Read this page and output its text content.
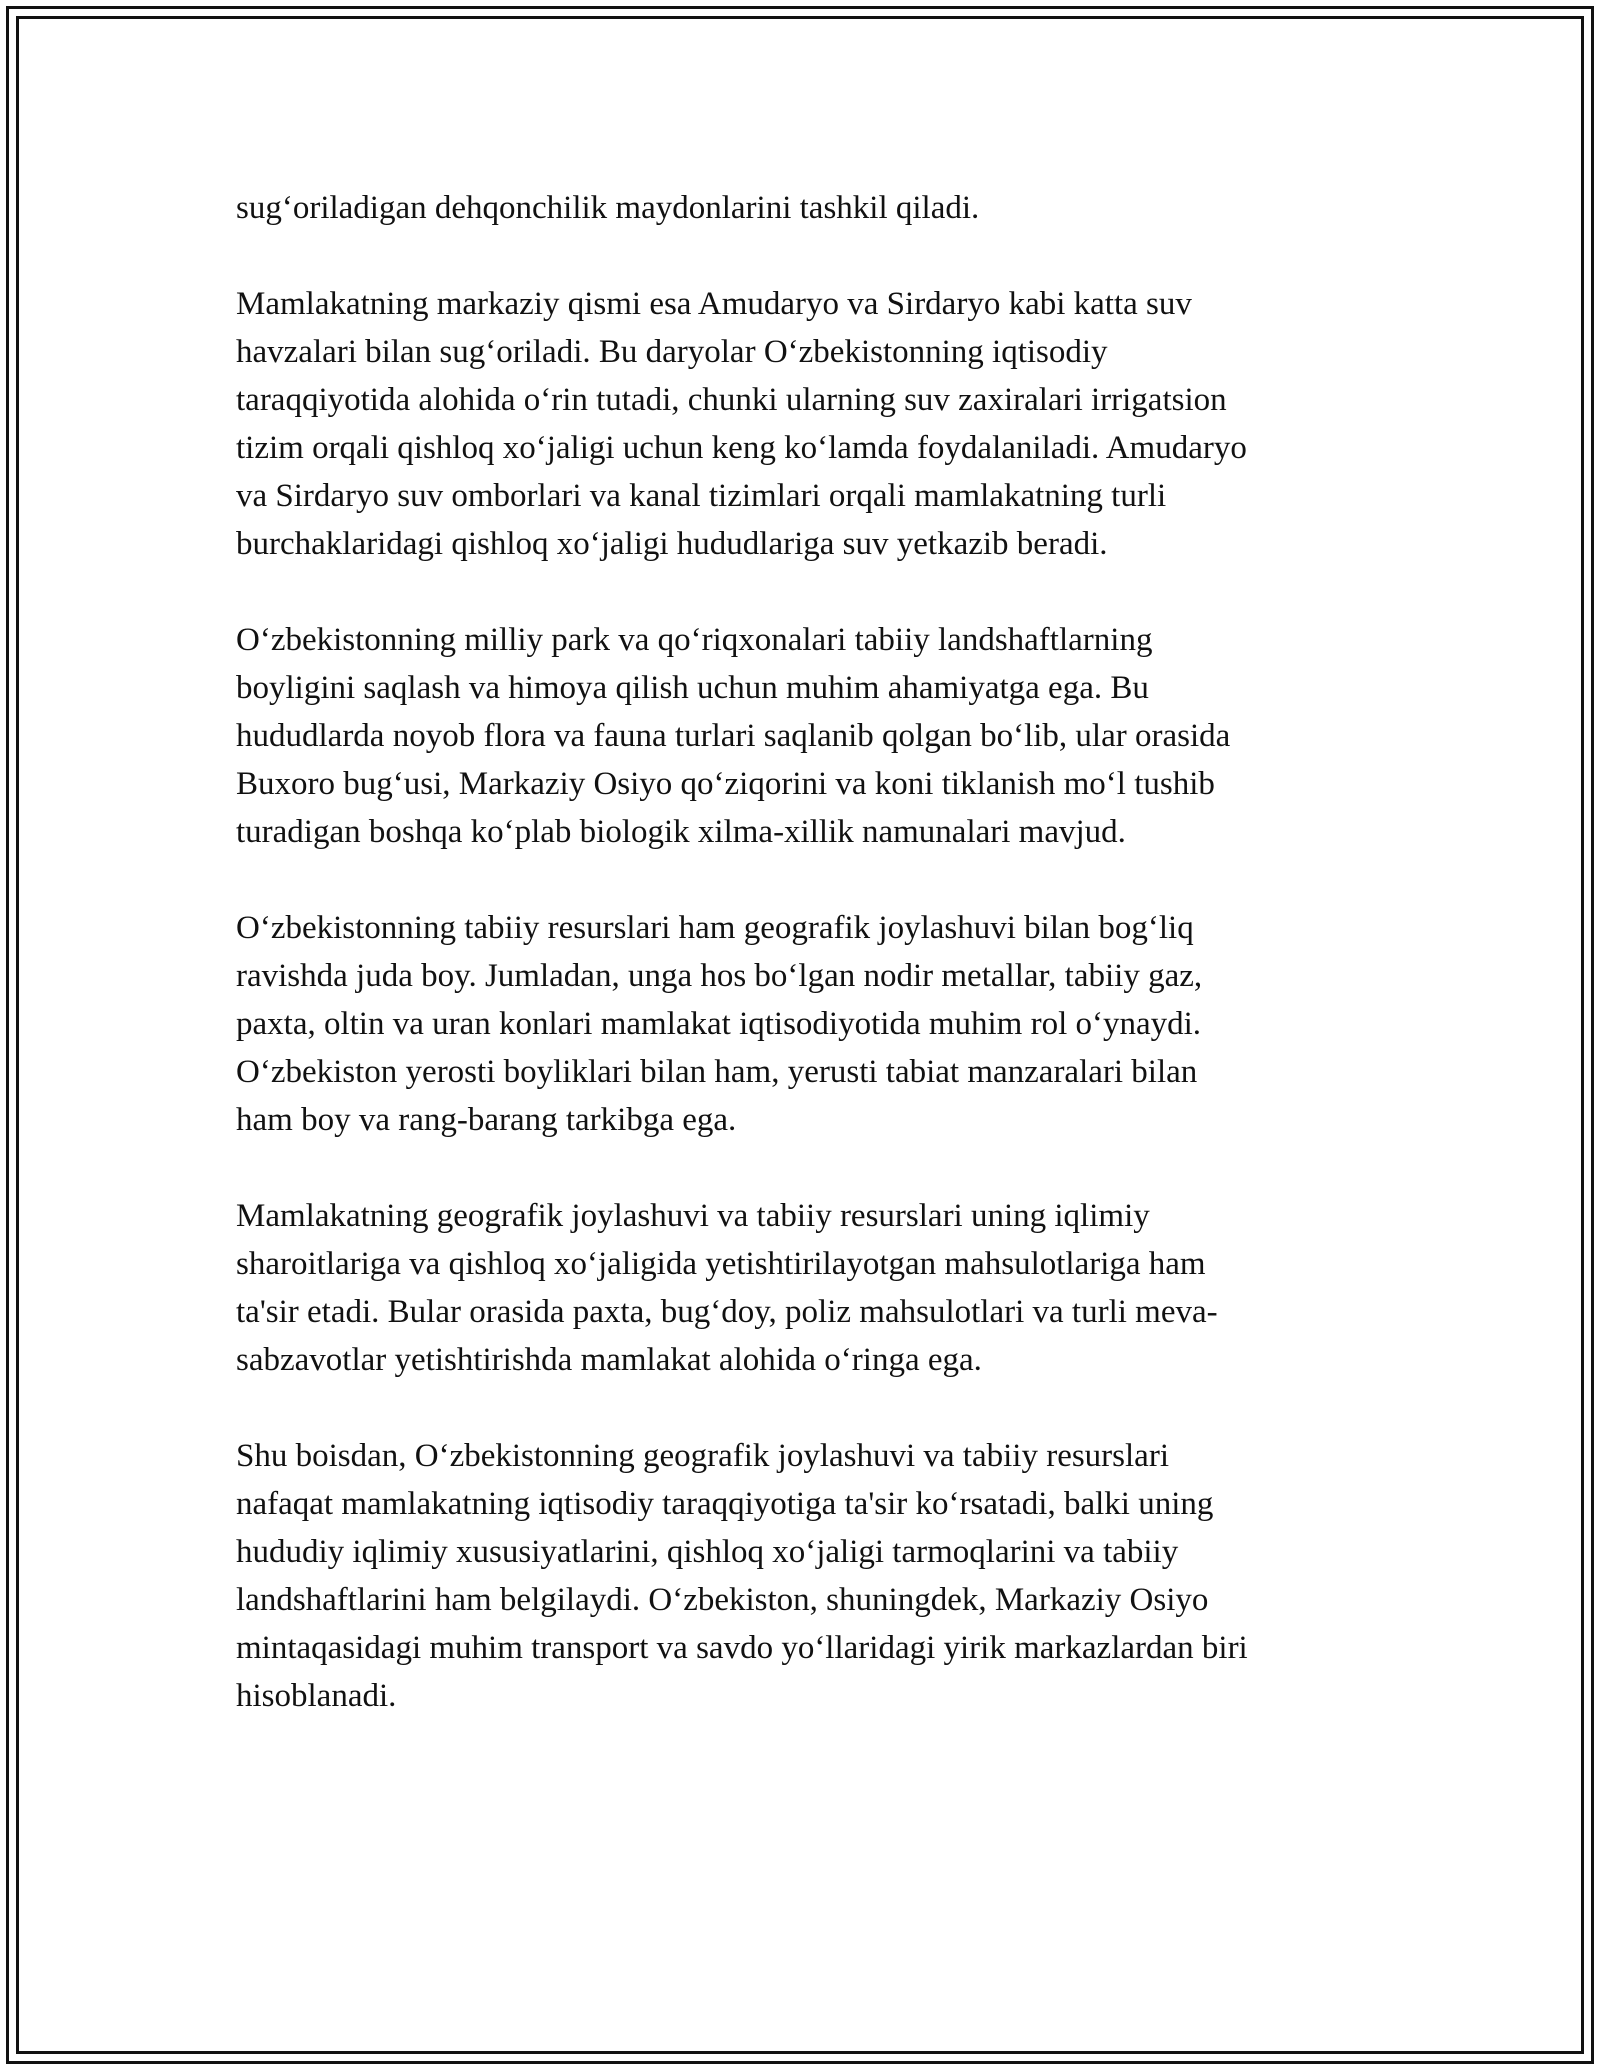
sug‘oriladigan dehqonchilik maydonlarini tashkil qiladi.

Mamlakatning markaziy qismi esa Amudaryo va Sirdaryo kabi katta suv
havzalari bilan sug‘oriladi. Bu daryolar O‘zbekistonning iqtisodiy
taraqqiyotida alohida o‘rin tutadi, chunki ularning suv zaxiralari irrigatsion
tizim orqali qishloq xo‘jaligi uchun keng ko‘lamda foydalaniladi. Amudaryo
va Sirdaryo suv omborlari va kanal tizimlari orqali mamlakatning turli
burchaklaridagi qishloq xo‘jaligi hududlariga suv yetkazib beradi.

O‘zbekistonning milliy park va qo‘riqxonalari tabiiy landshaftlarning
boyligini saqlash va himoya qilish uchun muhim ahamiyatga ega. Bu
hududlarda noyob flora va fauna turlari saqlanib qolgan bo‘lib, ular orasida
Buxoro bug‘usi, Markaziy Osiyo qo‘ziqorini va koni tiklanish mo‘l tushib
turadigan boshqa ko‘plab biologik xilma-xillik namunalari mavjud.

O‘zbekistonning tabiiy resurslari ham geografik joylashuvi bilan bog‘liq
ravishda juda boy. Jumladan, unga hos bo‘lgan nodir metallar, tabiiy gaz,
paxta, oltin va uran konlari mamlakat iqtisodiyotida muhim rol o‘ynaydi.
O‘zbekiston yerosti boyliklari bilan ham, yerusti tabiat manzaralari bilan
ham boy va rang-barang tarkibga ega.

Mamlakatning geografik joylashuvi va tabiiy resurslari uning iqlimiy
sharoitlariga va qishloq xo‘jaligida yetishtirilayotgan mahsulotlariga ham
ta'sir etadi. Bular orasida paxta, bug‘doy, poliz mahsulotlari va turli meva-
sabzavotlar yetishtirishda mamlakat alohida o‘ringa ega.

Shu boisdan, O‘zbekistonning geografik joylashuvi va tabiiy resurslari
nafaqat mamlakatning iqtisodiy taraqqiyotiga ta'sir ko‘rsatadi, balki uning
hududiy iqlimiy xususiyatlarini, qishloq xo‘jaligi tarmoqlarini va tabiiy
landshaftlarini ham belgilaydi. O‘zbekiston, shuningdek, Markaziy Osiyo
mintaqasidagi muhim transport va savdo yo‘llaridagi yirik markazlardan biri
hisoblanadi.
